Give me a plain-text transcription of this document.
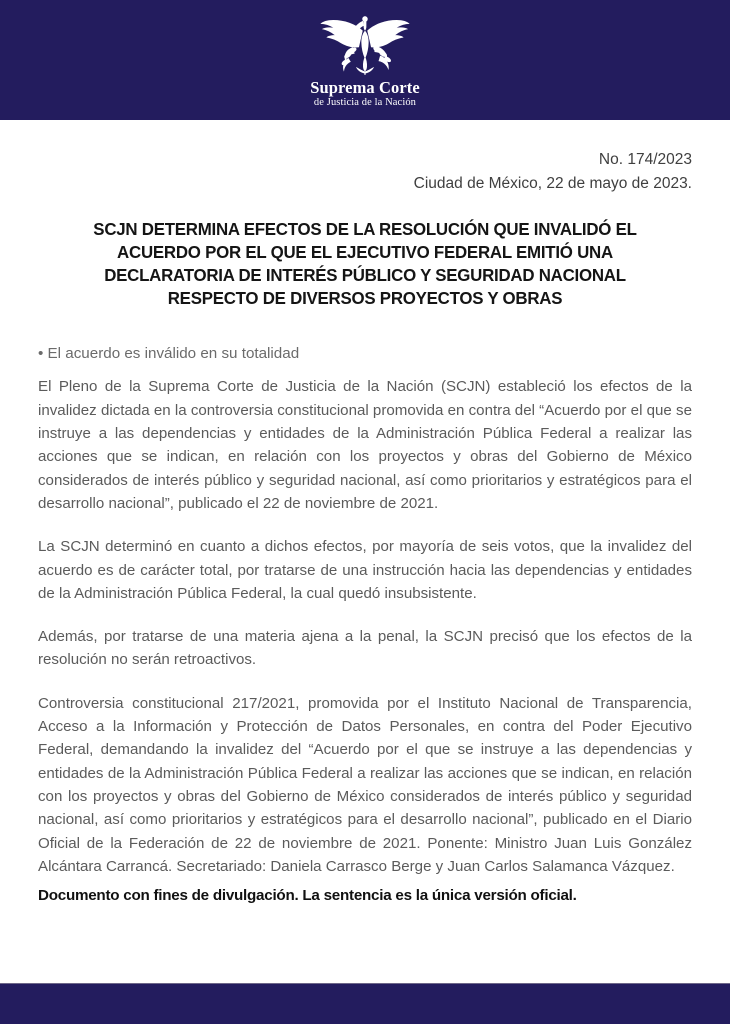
Suprema Corte
de Justicia de la Nación
No. 174/2023
Ciudad de México, 22 de mayo de 2023.
SCJN DETERMINA EFECTOS DE LA RESOLUCIÓN QUE INVALIDÓ EL
ACUERDO POR EL QUE EL EJECUTIVO FEDERAL EMITIÓ UNA
DECLARATORIA DE INTERÉS PÚBLICO Y SEGURIDAD NACIONAL
RESPECTO DE DIVERSOS PROYECTOS Y OBRAS
• El acuerdo es inválido en su totalidad

El Pleno de la Suprema Corte de Justicia de la Nación (SCJN) estableció los efectos de la invalidez dictada en la controversia constitucional promovida en contra del “Acuerdo por el que se instruye a las dependencias y entidades de la Administración Pública Federal a realizar las acciones que se indican, en relación con los proyectos y obras del Gobierno de México considerados de interés público y seguridad nacional, así como prioritarios y estratégicos para el desarrollo nacional”, publicado el 22 de noviembre de 2021.

La SCJN determinó en cuanto a dichos efectos, por mayoría de seis votos, que la invalidez del acuerdo es de carácter total, por tratarse de una instrucción hacia las dependencias y entidades de la Administración Pública Federal, la cual quedó insubsistente.

Además, por tratarse de una materia ajena a la penal, la SCJN precisó que los efectos de la resolución no serán retroactivos.

Controversia constitucional 217/2021, promovida por el Instituto Nacional de Transparencia, Acceso a la Información y Protección de Datos Personales, en contra del Poder Ejecutivo Federal, demandando la invalidez del “Acuerdo por el que se instruye a las dependencias y entidades de la Administración Pública Federal a realizar las acciones que se indican, en relación con los proyectos y obras del Gobierno de México considerados de interés público y seguridad nacional, así como prioritarios y estratégicos para el desarrollo nacional”, publicado en el Diario Oficial de la Federación de 22 de noviembre de 2021. Ponente: Ministro Juan Luis González Alcántara Carrancá. Secretariado: Daniela Carrasco Berge y Juan Carlos Salamanca Vázquez.

Documento con fines de divulgación. La sentencia es la única versión oficial.
